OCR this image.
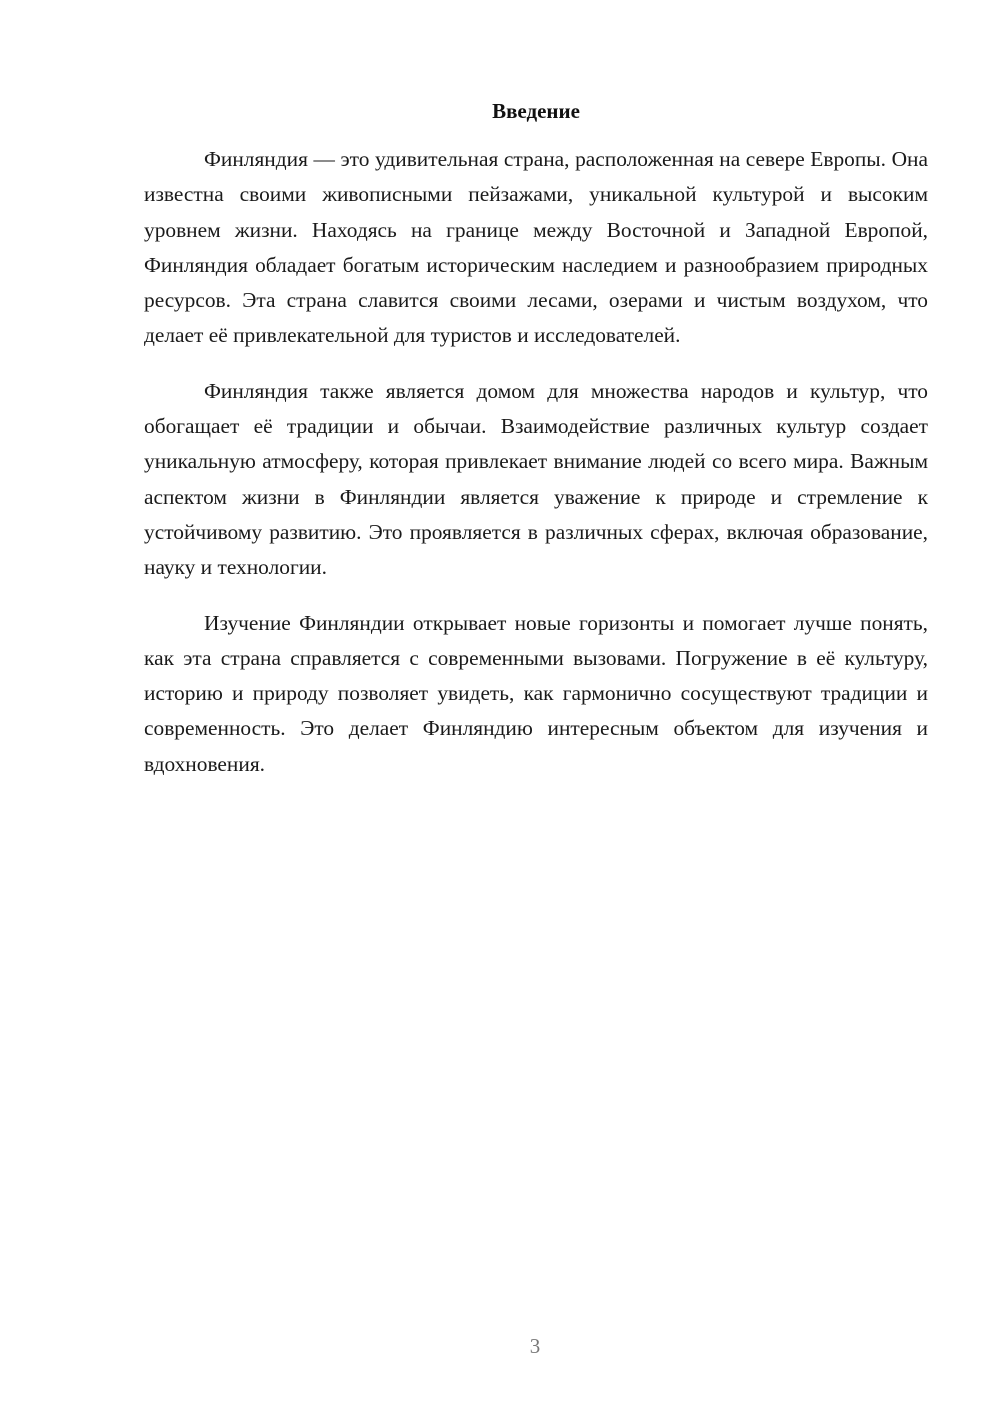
Введение

Финляндия — это удивительная страна, расположенная на севере Европы. Она известна своими живописными пейзажами, уникальной культурой и высоким уровнем жизни. Находясь на границе между Восточной и Западной Европой, Финляндия обладает богатым историческим наследием и разнообразием природных ресурсов. Эта страна славится своими лесами, озерами и чистым воздухом, что делает её привлекательной для туристов и исследователей.

Финляндия также является домом для множества народов и культур, что обогащает её традиции и обычаи. Взаимодействие различных культур создает уникальную атмосферу, которая привлекает внимание людей со всего мира. Важным аспектом жизни в Финляндии является уважение к природе и стремление к устойчивому развитию. Это проявляется в различных сферах, включая образование, науку и технологии.

Изучение Финляндии открывает новые горизонты и помогает лучше понять, как эта страна справляется с современными вызовами. Погружение в её культуру, историю и природу позволяет увидеть, как гармонично сосуществуют традиции и современность. Это делает Финляндию интересным объектом для изучения и вдохновения.

3
